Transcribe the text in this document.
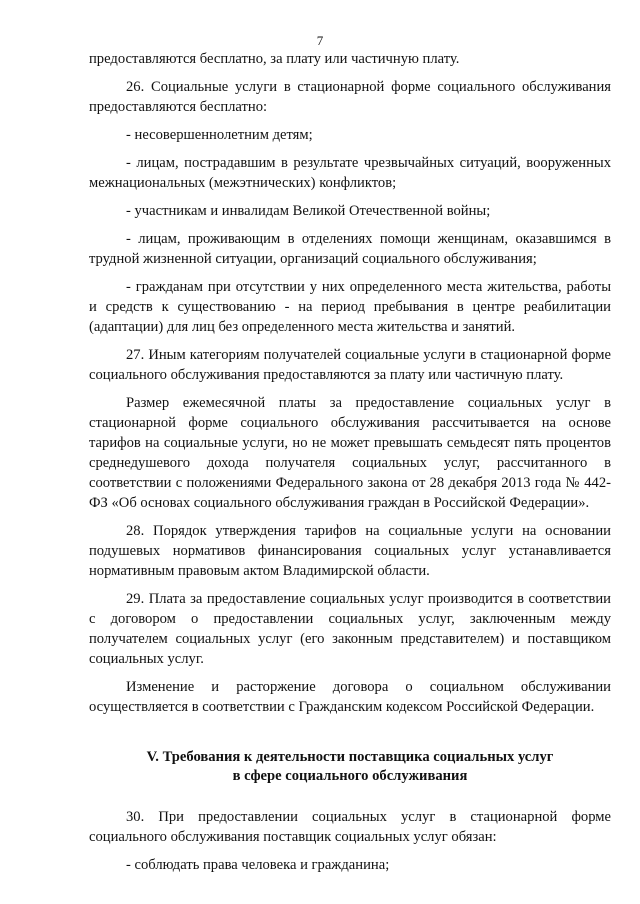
7

предоставляются бесплатно, за плату или частичную плату.

26. Социальные услуги в стационарной форме социального обслуживания предоставляются бесплатно:

- несовершеннолетним детям;

- лицам, пострадавшим в результате чрезвычайных ситуаций, вооруженных межнациональных (межэтнических) конфликтов;

- участникам и инвалидам Великой Отечественной войны;

- лицам, проживающим в отделениях помощи женщинам, оказавшимся в трудной жизненной ситуации, организаций социального обслуживания;

- гражданам при отсутствии у них определенного места жительства, работы и средств к существованию - на период пребывания в центре реабилитации (адаптации) для лиц без определенного места жительства и занятий.

27. Иным категориям получателей социальные услуги в стационарной форме социального обслуживания предоставляются за плату или частичную плату.

Размер ежемесячной платы за предоставление социальных услуг в стационарной форме социального обслуживания рассчитывается на основе тарифов на социальные услуги, но не может превышать семьдесят пять процентов среднедушевого дохода получателя социальных услуг, рассчитанного в соответствии с положениями Федерального закона от 28 декабря 2013 года № 442-ФЗ «Об основах социального обслуживания граждан в Российской Федерации».

28. Порядок утверждения тарифов на социальные услуги на основании подушевых нормативов финансирования социальных услуг устанавливается нормативным правовым актом Владимирской области.

29. Плата за предоставление социальных услуг производится в соответствии с договором о предоставлении социальных услуг, заключенным между получателем социальных услуг (его законным представителем) и поставщиком социальных услуг.

Изменение и расторжение договора о социальном обслуживании осуществляется в соответствии с Гражданским кодексом Российской Федерации.

V. Требования к деятельности поставщика социальных услуг
в сфере социального обслуживания

30. При предоставлении социальных услуг в стационарной форме социального обслуживания поставщик социальных услуг обязан:

- соблюдать права человека и гражданина;
